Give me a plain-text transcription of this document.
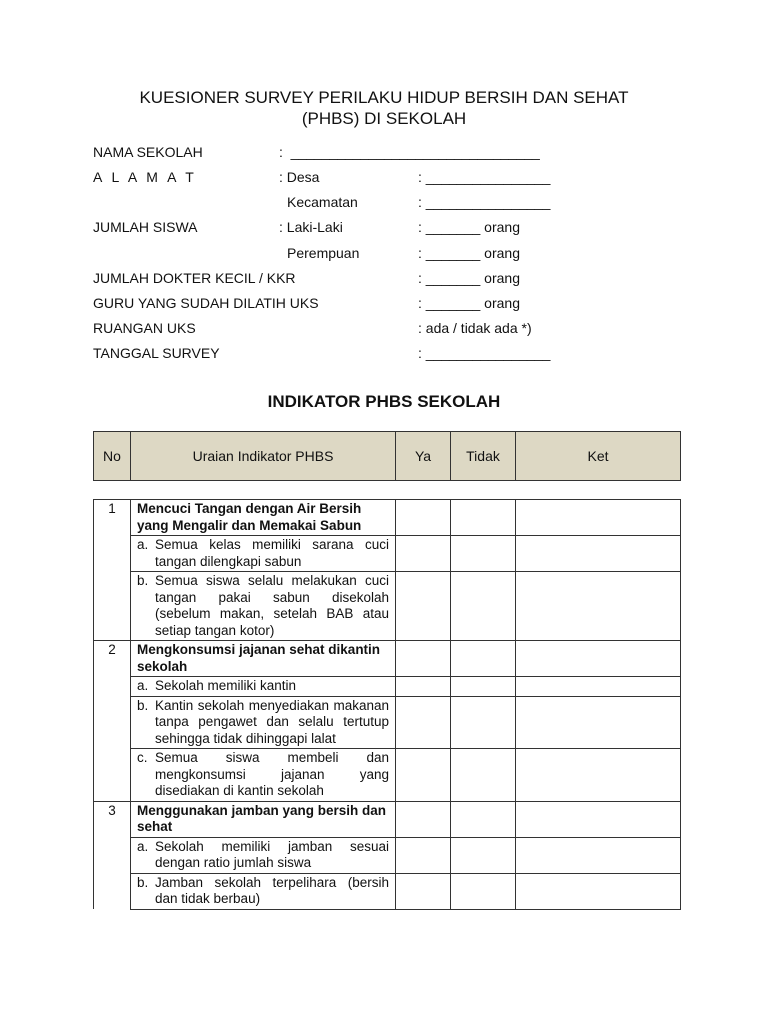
KUESIONER SURVEY PERILAKU HIDUP BERSIH DAN SEHAT
(PHBS) DI SEKOLAH
NAMA SEKOLAH	:  ________________________________
A L A M A T	: Desa	: ________________
Kecamatan	: ________________
JUMLAH SISWA	: Laki-Laki	: _______ orang
Perempuan	: _______ orang
JUMLAH DOKTER KECIL / KKR	: _______ orang
GURU YANG SUDAH DILATIH UKS	: _______ orang
RUANGAN UKS	: ada / tidak ada *)
TANGGAL SURVEY	: ________________
INDIKATOR PHBS SEKOLAH
No	Uraian Indikator PHBS	Ya	Tidak	Ket

1	Mencuci Tangan dengan Air Bersih yang Mengalir dan Memakai Sabun			

	a. Semua kelas memiliki sarana cuci tangan dilengkapi sabun			

	b. Semua siswa selalu melakukan cuci tangan pakai sabun disekolah (sebelum makan, setelah BAB atau setiap tangan kotor)			

2	Mengkonsumsi jajanan sehat dikantin sekolah			

	a. Sekolah memiliki kantin			

	b. Kantin sekolah menyediakan makanan tanpa pengawet dan selalu tertutup sehingga tidak dihinggapi lalat			

	c. Semua siswa membeli dan mengkonsumsi jajanan yang disediakan di kantin sekolah			

3	Menggunakan jamban yang bersih dan sehat			

	a. Sekolah memiliki jamban sesuai dengan ratio jumlah siswa			

	b. Jamban sekolah terpelihara (bersih dan tidak berbau)			
